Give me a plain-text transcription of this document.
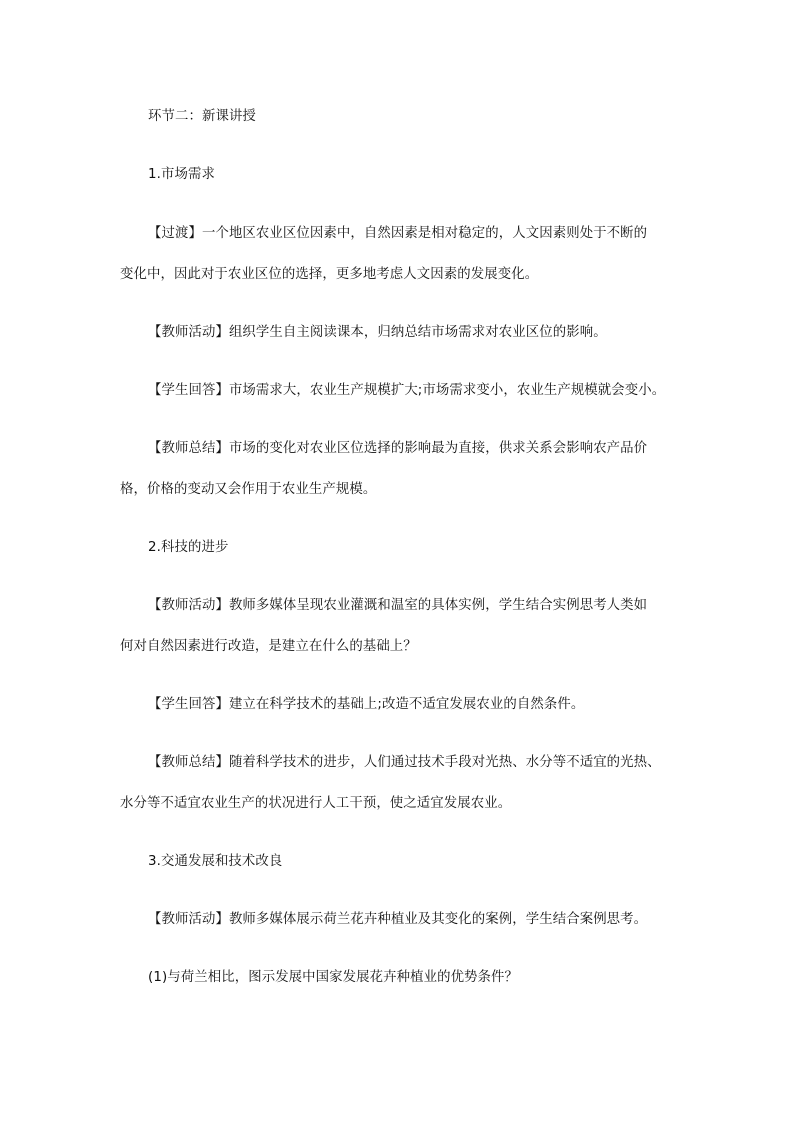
环节二：新课讲授
1.市场需求
【过渡】一个地区农业区位因素中，自然因素是相对稳定的，人文因素则处于不断的
变化中，因此对于农业区位的选择，更多地考虑人文因素的发展变化。
【教师活动】组织学生自主阅读课本，归纳总结市场需求对农业区位的影响。
【学生回答】市场需求大，农业生产规模扩大;市场需求变小，农业生产规模就会变小。
【教师总结】市场的变化对农业区位选择的影响最为直接，供求关系会影响农产品价
格，价格的变动又会作用于农业生产规模。
2.科技的进步
【教师活动】教师多媒体呈现农业灌溉和温室的具体实例，学生结合实例思考人类如
何对自然因素进行改造，是建立在什么的基础上？
【学生回答】建立在科学技术的基础上;改造不适宜发展农业的自然条件。
【教师总结】随着科学技术的进步，人们通过技术手段对光热、水分等不适宜的光热、
水分等不适宜农业生产的状况进行人工干预，使之适宜发展农业。
3.交通发展和技术改良
【教师活动】教师多媒体展示荷兰花卉种植业及其变化的案例，学生结合案例思考。
(1)与荷兰相比，图示发展中国家发展花卉种植业的优势条件？
